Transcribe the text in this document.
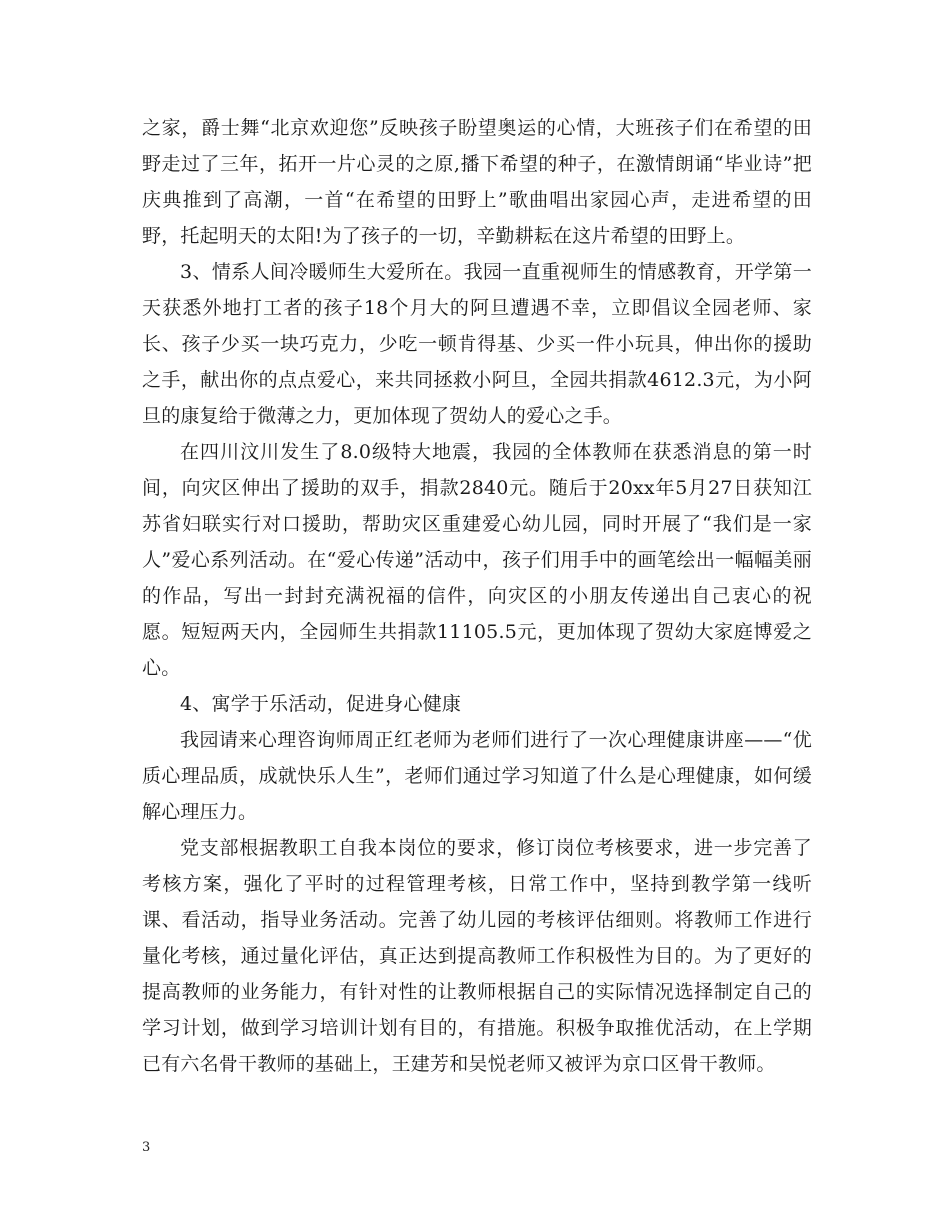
之家，爵士舞“北京欢迎您”反映孩子盼望奥运的心情，大班孩子们在希望的田野走过了三年，拓开一片心灵的之原,播下希望的种子，在激情朗诵“毕业诗”把庆典推到了高潮，一首“在希望的田野上”歌曲唱出家园心声，走进希望的田野，托起明天的太阳!为了孩子的一切，辛勤耕耘在这片希望的田野上。

3、情系人间冷暖师生大爱所在。我园一直重视师生的情感教育，开学第一天获悉外地打工者的孩子18个月大的阿旦遭遇不幸，立即倡议全园老师、家长、孩子少买一块巧克力，少吃一顿肯得基、少买一件小玩具，伸出你的援助之手，献出你的点点爱心，来共同拯救小阿旦，全园共捐款4612.3元，为小阿旦的康复给于微薄之力，更加体现了贺幼人的爱心之手。

在四川汶川发生了8.0级特大地震，我园的全体教师在获悉消息的第一时间，向灾区伸出了援助的双手，捐款2840元。随后于20xx年5月27日获知江苏省妇联实行对口援助，帮助灾区重建爱心幼儿园，同时开展了“我们是一家人”爱心系列活动。在“爱心传递”活动中，孩子们用手中的画笔绘出一幅幅美丽的作品，写出一封封充满祝福的信件，向灾区的小朋友传递出自己衷心的祝愿。短短两天内，全园师生共捐款11105.5元，更加体现了贺幼大家庭博爱之心。

4、寓学于乐活动，促进身心健康

我园请来心理咨询师周正红老师为老师们进行了一次心理健康讲座——“优质心理品质，成就快乐人生”，老师们通过学习知道了什么是心理健康，如何缓解心理压力。

党支部根据教职工自我本岗位的要求，修订岗位考核要求，进一步完善了考核方案，强化了平时的过程管理考核，日常工作中，坚持到教学第一线听课、看活动，指导业务活动。完善了幼儿园的考核评估细则。将教师工作进行量化考核，通过量化评估，真正达到提高教师工作积极性为目的。为了更好的提高教师的业务能力，有针对性的让教师根据自己的实际情况选择制定自己的学习计划，做到学习培训计划有目的，有措施。积极争取推优活动，在上学期已有六名骨干教师的基础上，王建芳和吴悦老师又被评为京口区骨干教师。

3
